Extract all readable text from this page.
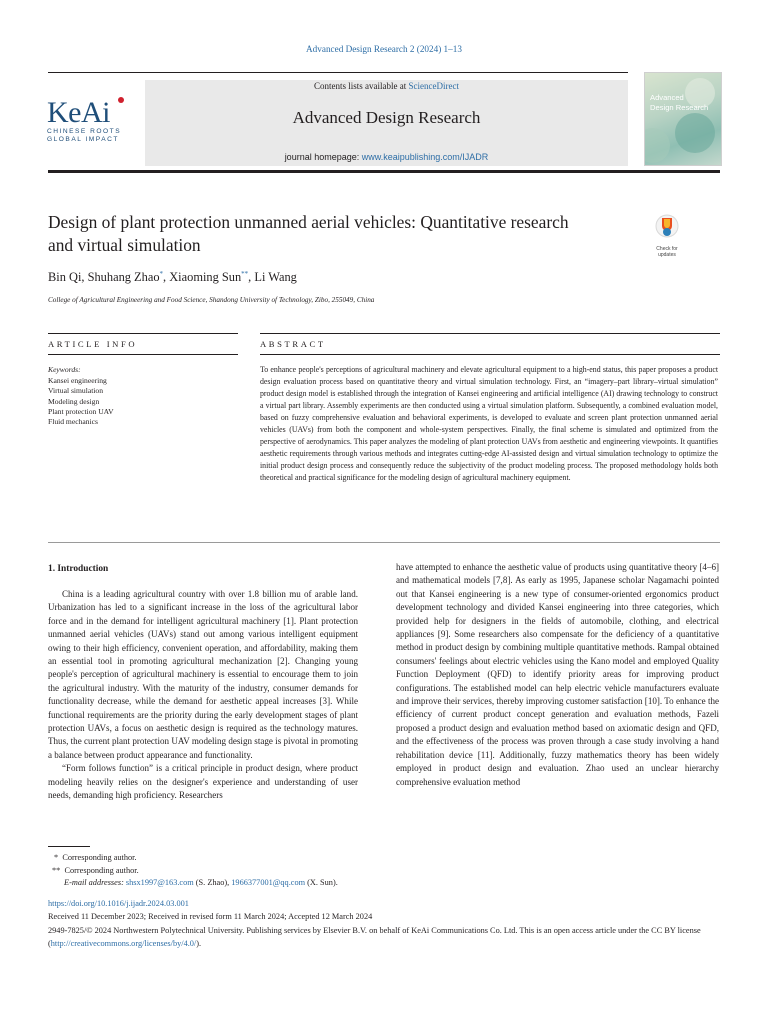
Advanced Design Research 2 (2024) 1–13
Contents lists available at ScienceDirect
Advanced Design Research
journal homepage: www.keaipublishing.com/IJADR
KeAi
CHINESE ROOTS
GLOBAL IMPACT
Advanced
Design Research
Design of plant protection unmanned aerial vehicles: Quantitative research
and virtual simulation	Check for
updates
Bin Qi, Shuhang Zhao*, Xiaoming Sun**, Li Wang
College of Agricultural Engineering and Food Science, Shandong University of Technology, Zibo, 255049, China
ARTICLE INFO	ABSTRACT
Keywords:
Kansei engineering
Virtual simulation
Modeling design
Plant protection UAV
Fluid mechanics
To enhance people's perceptions of agricultural machinery and elevate agricultural equipment to a high-end status, this paper proposes a product design evaluation process based on quantitative theory and virtual simulation technology. First, an “imagery–part library–virtual simulation” product design model is established through the integration of Kansei engineering and artificial intelligence (AI) drawing technology to construct a virtual part library. Assembly experiments are then conducted using a virtual simulation platform. Subsequently, a combined evaluation model, based on fuzzy comprehensive evaluation and behavioral experiments, is developed to evaluate and screen plant protection unmanned aerial vehicles (UAVs) from both the component and whole-system perspectives. Finally, the final scheme is simulated and optimized from the perspective of aerodynamics. This paper analyzes the modeling of plant protection UAVs from aesthetic and engineering viewpoints. It quantifies aesthetic requirements through various methods and integrates cutting-edge AI-assisted design and virtual simulation technology to optimize the initial product design process and consequently reduce the subjectivity of the product modeling process. The proposed methodology holds both theoretical and practical significance for the modeling design of agricultural machinery equipment.
1. Introduction

China is a leading agricultural country with over 1.8 billion mu of arable land. Urbanization has led to a significant increase in the loss of the agricultural labor force and in the demand for intelligent agricultural machinery [1]. Plant protection unmanned aerial vehicles (UAVs) stand out among various intelligent equipment owing to their high efficiency, convenient operation, and affordability, making them an essential tool in promoting agricultural mechanization [2]. Changing young people's perception of agricultural machinery is essential to encourage them to join the agricultural industry. With the maturity of the industry, consumer demands for functionality decrease, while the demand for aesthetic appeal increases [3]. While functional requirements are the priority during the early development stages of plant protection UAVs, a focus on aesthetic design is required as the technology matures. Thus, the current plant protection UAV modeling design stage is pivotal in promoting a balance between product appearance and functionality.

“Form follows function” is a critical principle in product design, where product modeling heavily relies on the designer's experience and understanding of user needs, demanding high proficiency. Researchers

have attempted to enhance the aesthetic value of products using quantitative theory [4–6] and mathematical models [7,8]. As early as 1995, Japanese scholar Nagamachi pointed out that Kansei engineering is a new type of consumer-oriented ergonomics product development technology and divided Kansei engineering into three categories, which provided help for designers in the fields of automobile, clothing, and electrical appliances [9]. Some researchers also compensate for the deficiency of a quantitative method in product design by combining multiple quantitative methods. Rampal obtained consumers' feelings about electric vehicles using the Kano model and employed Quality Function Deployment (QFD) to identify priority areas for improving product configurations. The established model can help electric vehicle manufacturers evaluate and improve their services, thereby improving customer satisfaction [10]. To enhance the efficiency of current product concept generation and evaluation methods, Fazeli proposed a product design and evaluation method based on axiomatic design and QFD, and the effectiveness of the process was proven through a case study involving a hand rehabilitation device [11]. Additionally, fuzzy mathematics theory has been widely employed in product design and evaluation. Zhao used an unclear hierarchy comprehensive evaluation method

* Corresponding author.
** Corresponding author.
E-mail addresses: shsx1997@163.com (S. Zhao), 1966377001@qq.com (X. Sun).
https://doi.org/10.1016/j.ijadr.2024.03.001
Received 11 December 2023; Received in revised form 11 March 2024; Accepted 12 March 2024
2949-7825/© 2024 Northwestern Polytechnical University. Publishing services by Elsevier B.V. on behalf of KeAi Communications Co. Ltd. This is an open access article under the CC BY license (http://creativecommons.org/licenses/by/4.0/).
